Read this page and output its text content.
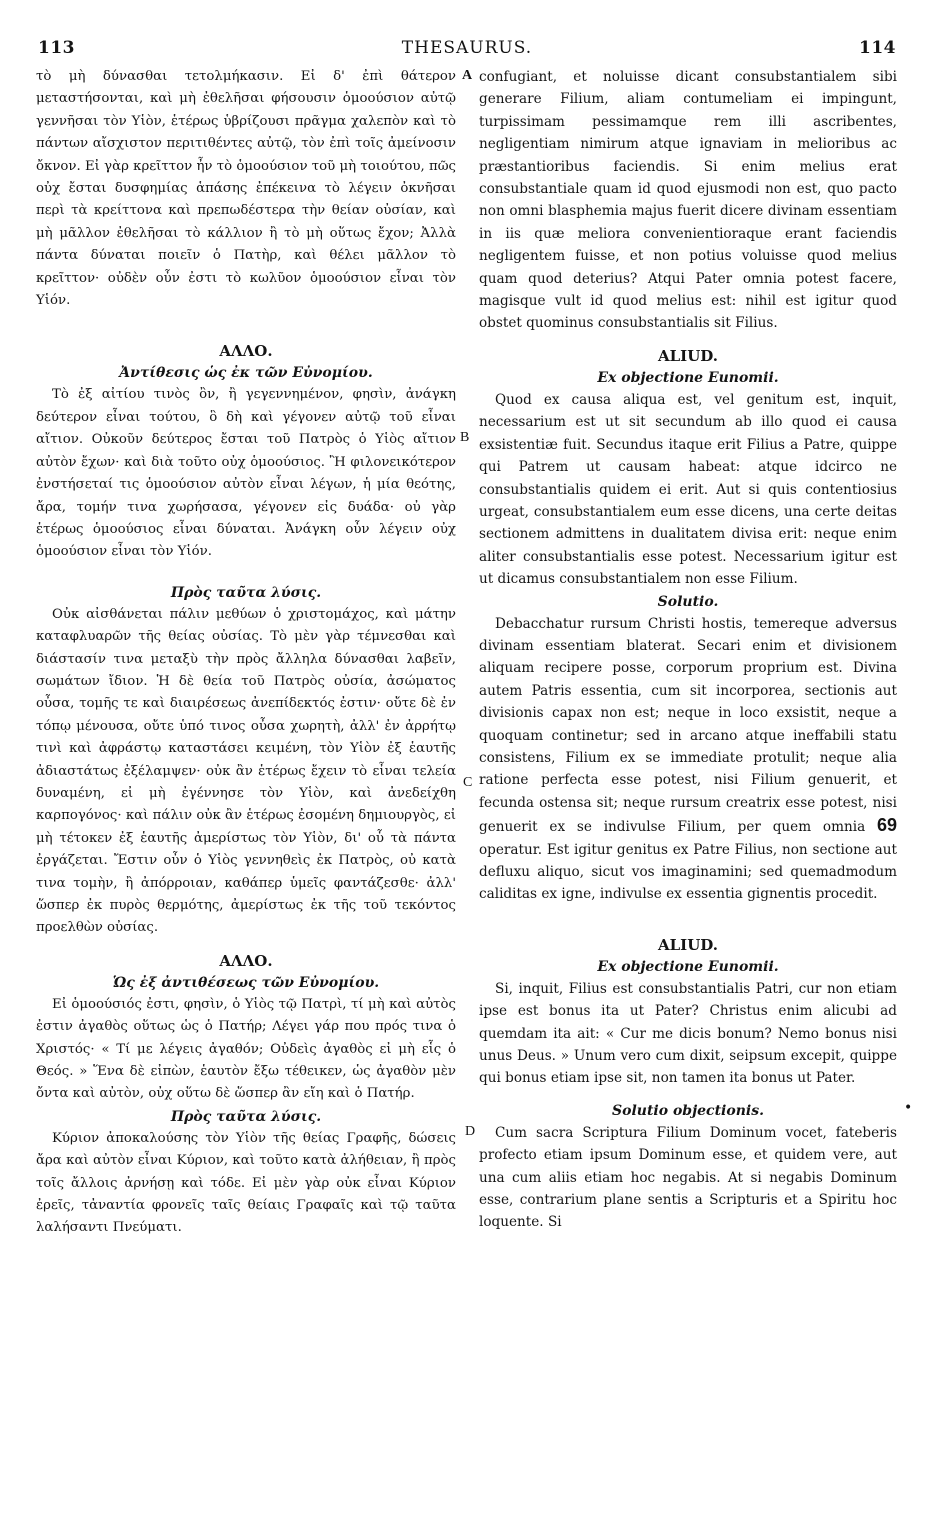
113	THESAURUS.	114
A
B
C
D

τὸ μὴ δύνασθαι τετολμήκασιν. Εἰ δ' ἐπὶ θάτερον μεταστήσονται, καὶ μὴ ἐθελῆσαι φήσουσιν ὁμοούσιον αὐτῷ γεννῆσαι τὸν Υἱὸν, ἑτέρως ὑβρίζουσι πρᾶγμα χαλεπὸν καὶ τὸ πάντων αἴσχιστον περιτιθέντες αὐτῷ, τὸν ἐπὶ τοῖς ἀμείνοσιν ὄκνον. Εἰ γὰρ κρεῖττον ἦν τὸ ὁμοούσιον τοῦ μὴ τοιούτου, πῶς οὐχ ἔσται δυσφημίας ἁπάσης ἐπέκεινα τὸ λέγειν ὀκνῆσαι περὶ τὰ κρείττονα καὶ πρεπωδέστερα τὴν θείαν οὐσίαν, καὶ μὴ μᾶλλον ἐθελῆσαι τὸ κάλλιον ἢ τὸ μὴ οὕτως ἔχον; Ἀλλὰ πάντα δύναται ποιεῖν ὁ Πατὴρ, καὶ θέλει μᾶλλον τὸ κρεῖττον· οὐδὲν οὖν ἐστι τὸ κωλῦον ὁμοούσιον εἶναι τὸν Υἱόν.

ΑΛΛΟ.
Ἀντίθεσις ὡς ἐκ τῶν Εὐνομίου.

Τὸ ἐξ αἰτίου τινὸς ὂν, ἢ γεγεννημένον, φησὶν, ἀνάγκη δεύτερον εἶναι τούτου, ὃ δὴ καὶ γέγονεν αὐτῷ τοῦ εἶναι αἴτιον. Οὐκοῦν δεύτερος ἔσται τοῦ Πατρὸς ὁ Υἱὸς αἴτιον αὐτὸν ἔχων· καὶ διὰ τοῦτο οὐχ ὁμοούσιος. Ἢ φιλονεικότερον ἐνστήσεταί τις ὁμοούσιον αὐτὸν εἶναι λέγων, ἡ μία θεότης, ἄρα, τομήν τινα χωρήσασα, γέγονεν εἰς δυάδα· οὐ γὰρ ἑτέρως ὁμοούσιος εἶναι δύναται. Ἀνάγκη οὖν λέγειν οὐχ ὁμοούσιον εἶναι τὸν Υἱόν.

Πρὸς ταῦτα λύσις.

Οὐκ αἰσθάνεται πάλιν μεθύων ὁ χριστομάχος, καὶ μάτην καταφλυαρῶν τῆς θείας οὐσίας. Τὸ μὲν γὰρ τέμνεσθαι καὶ διάστασίν τινα μεταξὺ τὴν πρὸς ἄλληλα δύνασθαι λαβεῖν, σωμάτων ἴδιον. Ἡ δὲ θεία τοῦ Πατρὸς οὐσία, ἀσώματος οὖσα, τομῆς τε καὶ διαιρέσεως ἀνεπίδεκτός ἐστιν· οὔτε δὲ ἐν τόπῳ μένουσα, οὔτε ὑπό τινος οὖσα χωρητὴ, ἀλλ' ἐν ἀρρήτῳ τινὶ καὶ ἀφράστῳ καταστάσει κειμένη, τὸν Υἱὸν ἐξ ἑαυτῆς ἀδιαστάτως ἐξέλαμψεν· οὐκ ἂν ἑτέρως ἔχειν τὸ εἶναι τελεία δυναμένη, εἰ μὴ ἐγέννησε τὸν Υἱὸν, καὶ ἀνεδείχθη καρπογόνος· καὶ πάλιν οὐκ ἂν ἑτέρως ἐσομένη δημιουργὸς, εἰ μὴ τέτοκεν ἐξ ἑαυτῆς ἀμερίστως τὸν Υἱὸν, δι' οὗ τὰ πάντα ἐργάζεται. Ἔστιν οὖν ὁ Υἱὸς γεννηθεὶς ἐκ Πατρὸς, οὐ κατὰ τινα τομὴν, ἢ ἀπόρροιαν, καθάπερ ὑμεῖς φαντάζεσθε· ἀλλ' ὥσπερ ἐκ πυρὸς θερμότης, ἀμερίστως ἐκ τῆς τοῦ τεκόντος προελθὼν οὐσίας.

ΑΛΛΟ.
Ὡς ἐξ ἀντιθέσεως τῶν Εὐνομίου.

Εἰ ὁμοούσιός ἐστι, φησὶν, ὁ Υἱὸς τῷ Πατρὶ, τί μὴ καὶ αὐτὸς ἐστιν ἀγαθὸς οὕτως ὡς ὁ Πατήρ; Λέγει γάρ που πρός τινα ὁ Χριστός· « Τί με λέγεις ἀγαθόν; Οὐδεὶς ἀγαθὸς εἰ μὴ εἷς ὁ Θεός. » Ἕνα δὲ εἰπὼν, ἑαυτὸν ἔξω τέθεικεν, ὡς ἀγαθὸν μὲν ὄντα καὶ αὐτὸν, οὐχ οὕτω δὲ ὥσπερ ἂν εἴη καὶ ὁ Πατήρ.

Πρὸς ταῦτα λύσις.

Κύριον ἀποκαλούσης τὸν Υἱὸν τῆς θείας Γραφῆς, δώσεις ἄρα καὶ αὐτὸν εἶναι Κύριον, καὶ τοῦτο κατὰ ἀλήθειαν, ἢ πρὸς τοῖς ἄλλοις ἀρνήσῃ καὶ τόδε. Εἰ μὲν γὰρ οὐκ εἶναι Κύριον ἐρεῖς, τἀναντία φρονεῖς ταῖς θείαις Γραφαῖς καὶ τῷ ταῦτα λαλήσαντι Πνεύματι.

confugiant, et noluisse dicant consubstantialem sibi generare Filium, aliam contumeliam ei impingunt, turpissimam pessimamque rem illi ascribentes, negligentiam nimirum atque ignaviam in melioribus ac præstantioribus faciendis. Si enim melius erat consubstantiale quam id quod ejusmodi non est, quo pacto non omni blasphemia majus fuerit dicere divinam essentiam in iis quæ meliora convenientioraque erant faciendis negligentem fuisse, et non potius voluisse quod melius quam quod deterius? Atqui Pater omnia potest facere, magisque vult id quod melius est: nihil est igitur quod obstet quominus consubstantialis sit Filius.

ALIUD.
Ex objectione Eunomii.

Quod ex causa aliqua est, vel genitum est, inquit, necessarium est ut sit secundum ab illo quod ei causa exsistentiæ fuit. Secundus itaque erit Filius a Patre, quippe qui Patrem ut causam habeat: atque idcirco ne consubstantialis quidem ei erit. Aut si quis contentiosius urgeat, consubstantialem eum esse dicens, una certe deitas sectionem admittens in dualitatem divisa erit: neque enim aliter consubstantialis esse potest. Necessarium igitur est ut dicamus consubstantialem non esse Filium.

Solutio.

Debacchatur rursum Christi hostis, temereque adversus divinam essentiam blaterat. Secari enim et divisionem aliquam recipere posse, corporum proprium est. Divina autem Patris essentia, cum sit incorporea, sectionis aut divisionis capax non est; neque in loco exsistit, neque a quoquam continetur; sed in arcano atque ineffabili statu consistens, Filium ex se immediate protulit; neque alia ratione perfecta esse potest, nisi Filium genuerit, et fecunda ostensa sit; neque rursum creatrix esse potest, nisi genuerit ex se indivulse Filium, per quem omnia 69 operatur. Est igitur genitus ex Patre Filius, non sectione aut defluxu aliquo, sicut vos imaginamini; sed quemadmodum caliditas ex igne, indivulse ex essentia gignentis procedit.

ALIUD.
Ex objectione Eunomii.

Si, inquit, Filius est consubstantialis Patri, cur non etiam ipse est bonus ita ut Pater? Christus enim alicubi ad quemdam ita ait: « Cur me dicis bonum? Nemo bonus nisi unus Deus. » Unum vero cum dixit, seipsum excepit, quippe qui bonus etiam ipse sit, non tamen ita bonus ut Pater.

Solutio objectionis.

Cum sacra Scriptura Filium Dominum vocet, fateberis profecto etiam ipsum Dominum esse, et quidem vere, aut una cum aliis etiam hoc negabis. At si negabis Dominum esse, contrarium plane sentis a Scripturis et a Spiritu hoc loquente. Si

•
